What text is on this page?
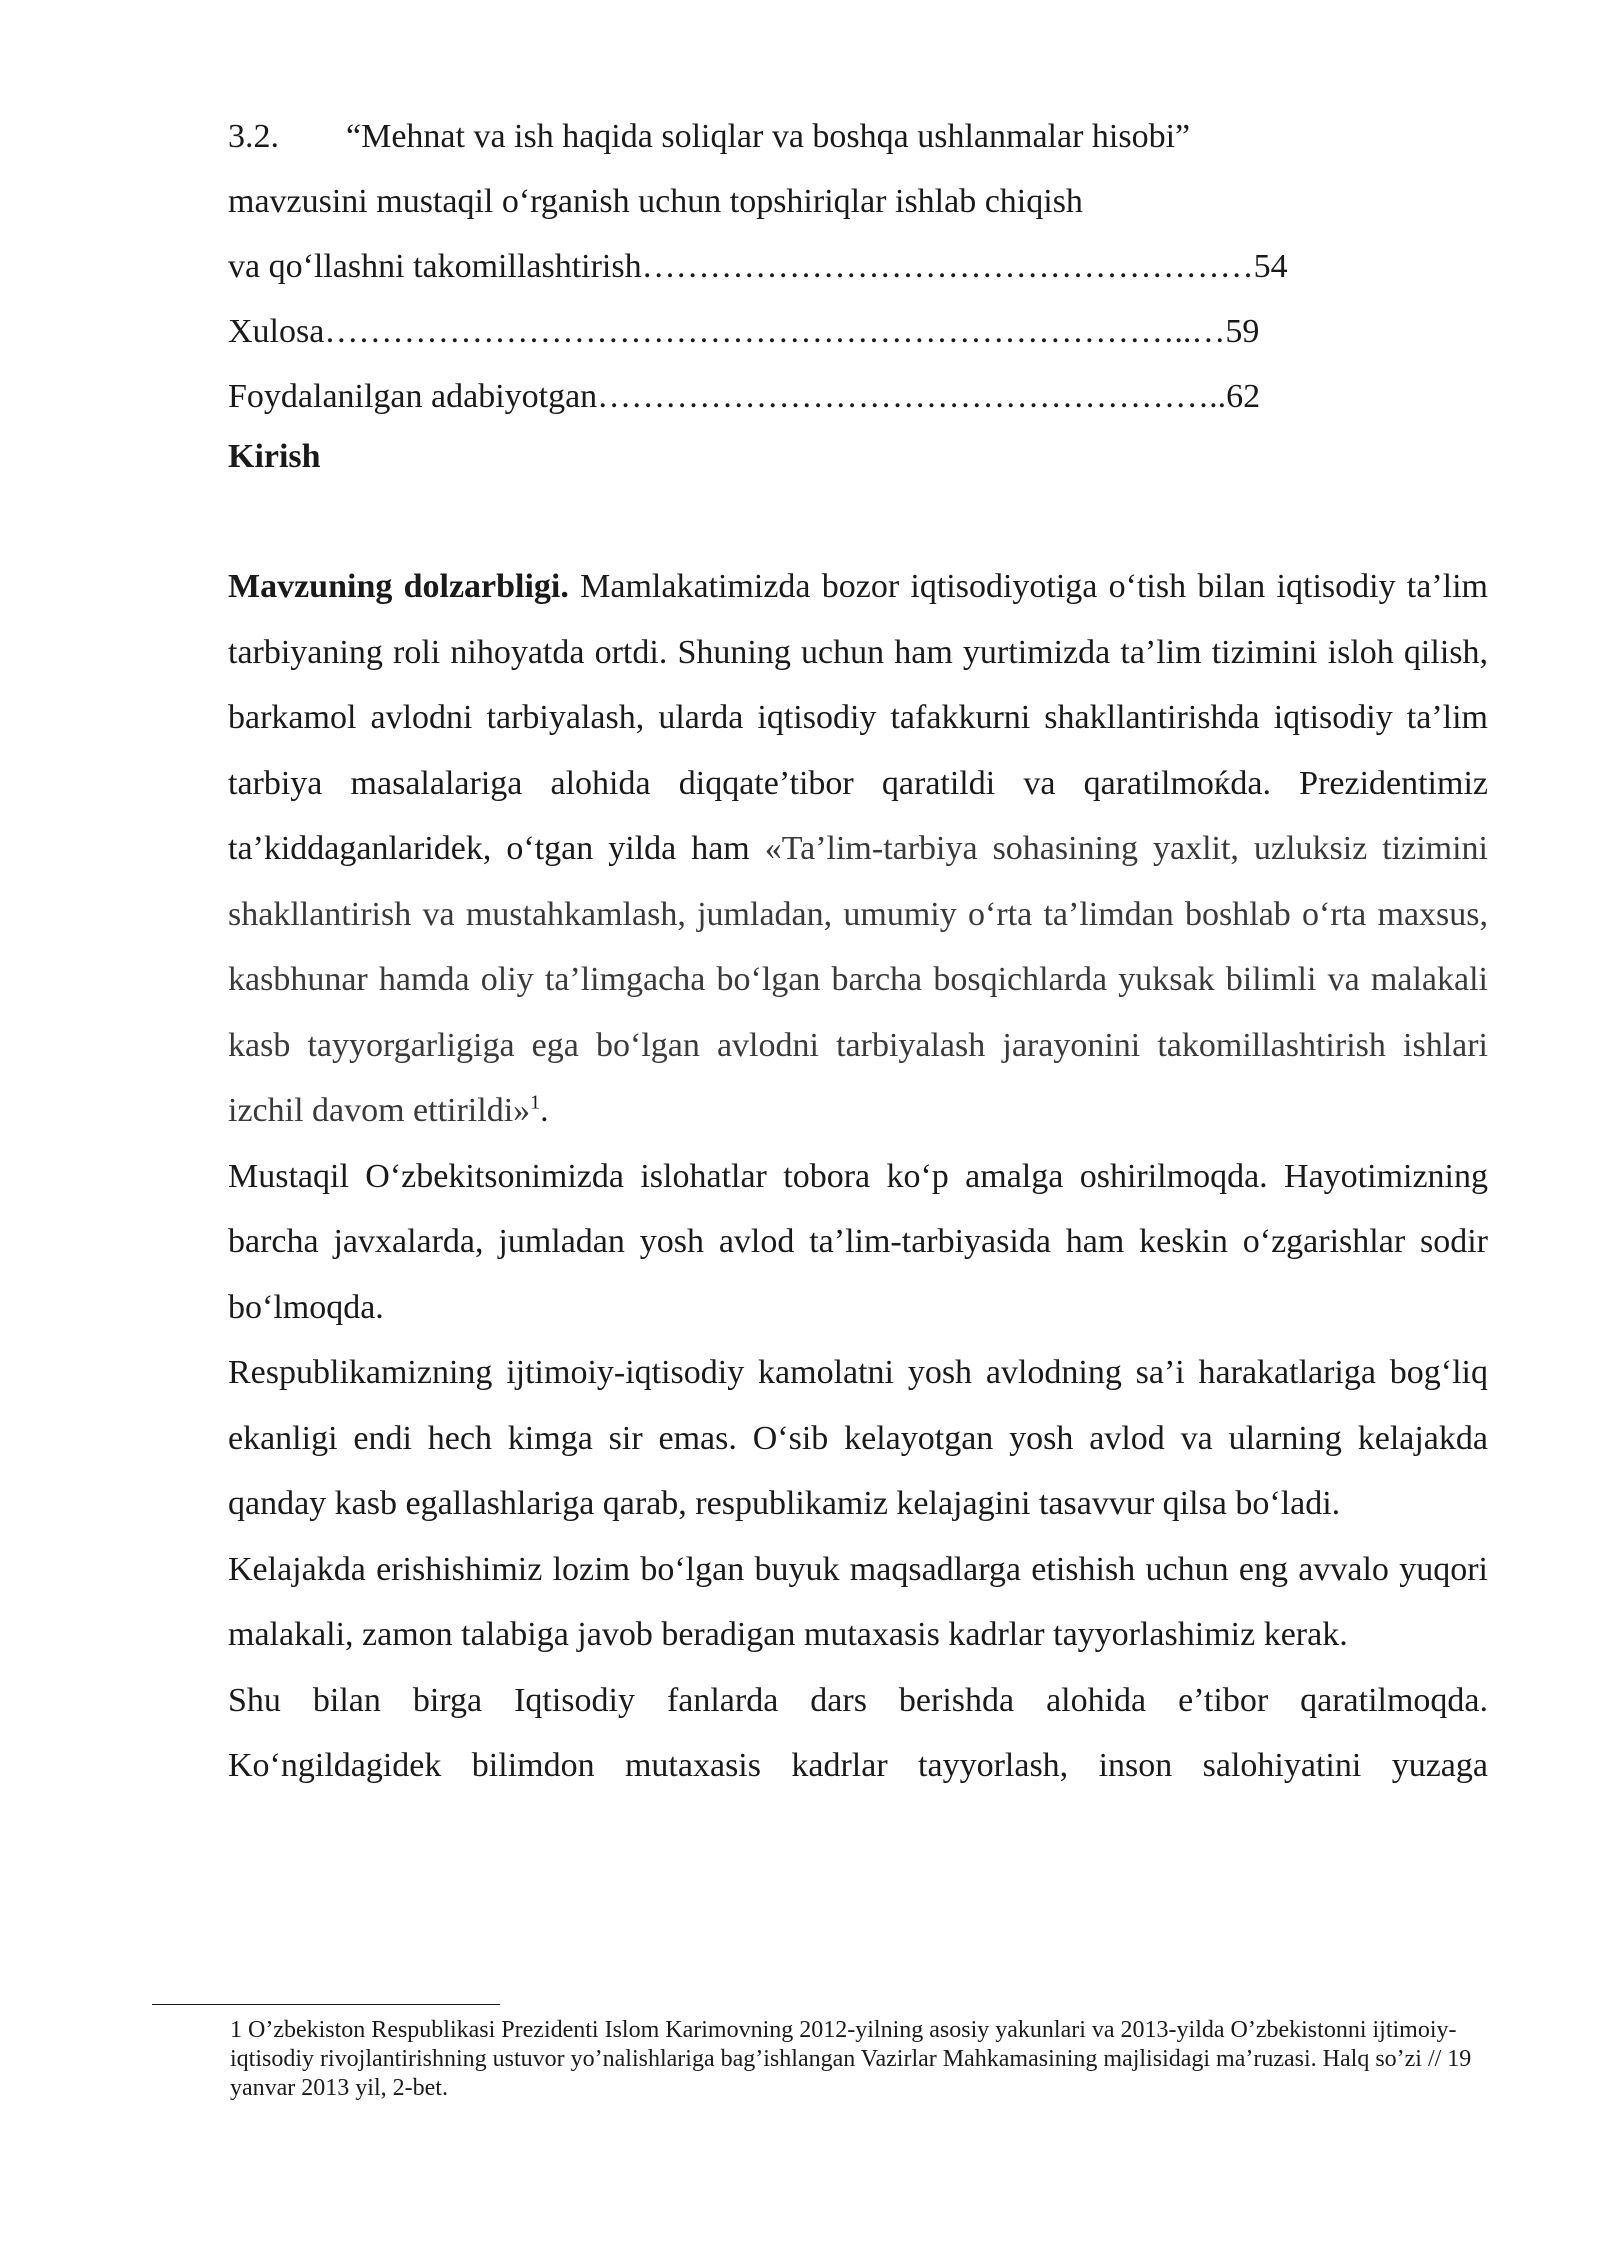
3.2. “Mehnat va ish haqida soliqlar va boshqa ushlanmalar hisobi”
mavzusini mustaqil oʻrganish uchun topshiriqlar ishlab chiqish
va qoʻllashni takomillashtirish………………………………………………54
Xulosa…………………………………………………………………..…59
Foydalanilgan adabiyotgan………………………………………………..62
Kirish

Mavzuning dolzarbligi. Mamlakatimizda bozor iqtisodiyotiga oʻtish bilan iqtisodiy ta’lim tarbiyaning roli nihoyatda ortdi. Shuning uchun ham yurtimizda ta’lim tizimini isloh qilish, barkamol avlodni tarbiyalash, ularda iqtisodiy tafakkurni shakllantirishda iqtisodiy ta’lim tarbiya masalalariga alohida diqqate’tibor qaratildi va qaratilmoќda. Prezidentimiz ta’kiddaganlaridek, oʻtgan yilda ham «Ta’lim-tarbiya sohasining yaxlit, uzluksiz tizimini shakllantirish va mustahkamlash, jumladan, umumiy oʻrta ta’limdan boshlab oʻrta maxsus, kasbhunar hamda oliy ta’limgacha boʻlgan barcha bosqichlarda yuksak bilimli va malakali kasb tayyorgarligiga ega boʻlgan avlodni tarbiyalash jarayonini takomillashtirish ishlari izchil davom ettirildi»$^1$.

Mustaqil Oʻzbekitsonimizda islohatlar tobora koʻp amalga oshirilmoqda. Hayotimizning barcha javxalarda, jumladan yosh avlod ta’lim-tarbiyasida ham keskin oʻzgarishlar sodir boʻlmoqda.

Respublikamizning ijtimoiy-iqtisodiy kamolatni yosh avlodning sa’i harakatlariga bogʻliq ekanligi endi hech kimga sir emas. Oʻsib kelayotgan yosh avlod va ularning kelajakda qanday kasb egallashlariga qarab, respublikamiz kelajagini tasavvur qilsa boʻladi.

Kelajakda erishishimiz lozim boʻlgan buyuk maqsadlarga etishish uchun eng avvalo yuqori malakali, zamon talabiga javob beradigan mutaxasis kadrlar tayyorlashimiz kerak.

Shu bilan birga Iqtisodiy fanlarda dars berishda alohida e’tibor qaratilmoqda. Koʻngildagidek bilimdon mutaxasis kadrlar tayyorlash, inson salohiyatini yuzaga

1 O’zbekiston Respublikasi Prezidenti Islom Karimovning 2012-yilning asosiy yakunlari va 2013-yilda O’zbekistonni ijtimoiy-iqtisodiy rivojlantirishning ustuvor yo’nalishlariga bag’ishlangan Vazirlar Mahkamasining majlisidagi ma’ruzasi. Halq so’zi // 19 yanvar 2013 yil, 2-bet.
